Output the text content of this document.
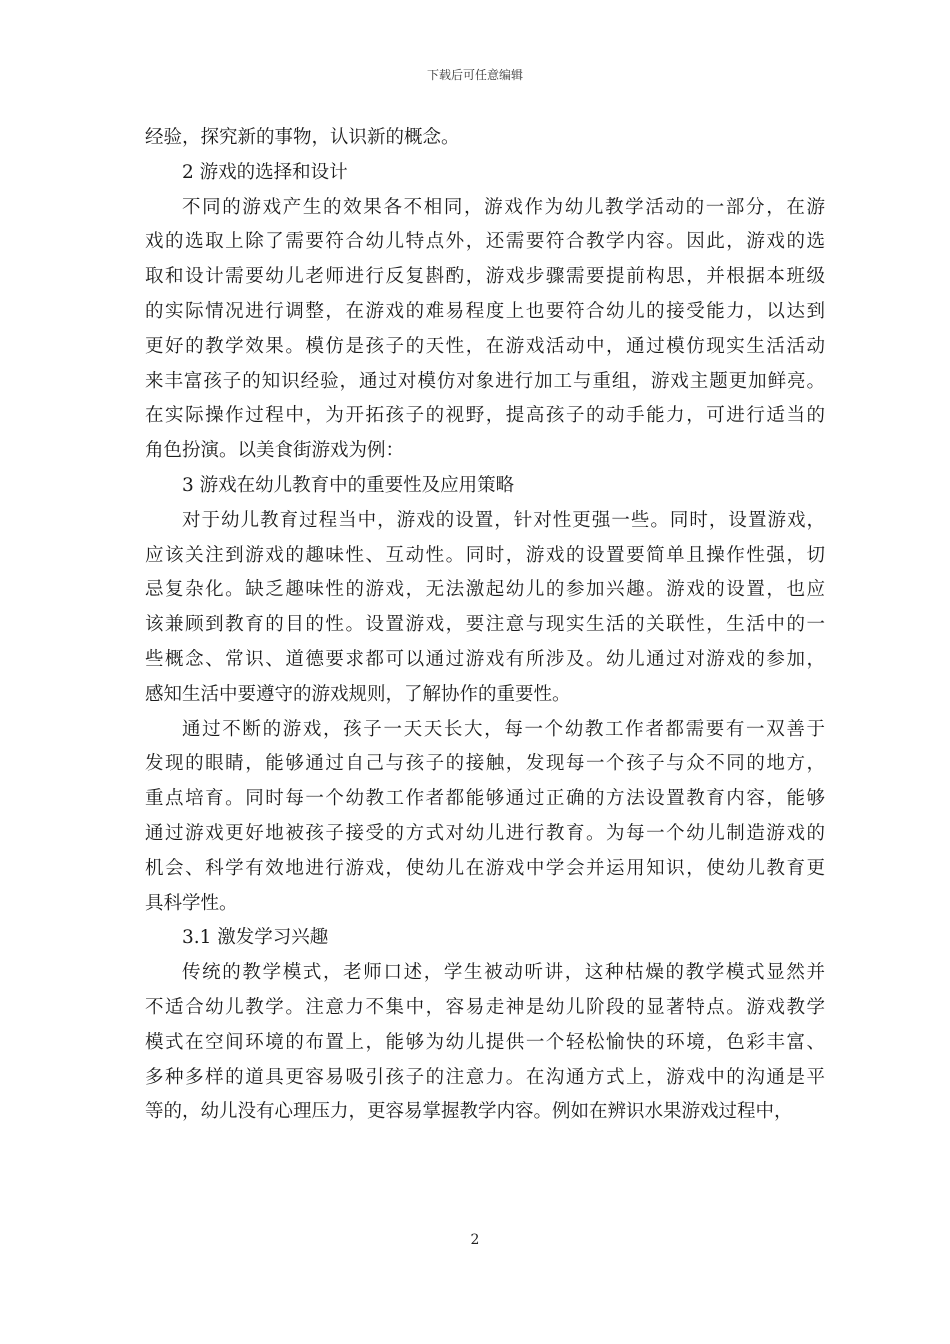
下载后可任意编辑
经验，探究新的事物，认识新的概念。
2 游戏的选择和设计
不同的游戏产生的效果各不相同，游戏作为幼儿教学活动的一部分，在游
戏的选取上除了需要符合幼儿特点外，还需要符合教学内容。因此，游戏的选
取和设计需要幼儿老师进行反复斟酌，游戏步骤需要提前构思，并根据本班级
的实际情况进行调整，在游戏的难易程度上也要符合幼儿的接受能力，以达到
更好的教学效果。模仿是孩子的天性，在游戏活动中，通过模仿现实生活活动
来丰富孩子的知识经验，通过对模仿对象进行加工与重组，游戏主题更加鲜亮。
在实际操作过程中，为开拓孩子的视野，提高孩子的动手能力，可进行适当的
角色扮演。以美食街游戏为例：
3 游戏在幼儿教育中的重要性及应用策略
对于幼儿教育过程当中，游戏的设置，针对性更强一些。同时，设置游戏，
应该关注到游戏的趣味性、互动性。同时，游戏的设置要简单且操作性强，切
忌复杂化。缺乏趣味性的游戏，无法激起幼儿的参加兴趣。游戏的设置，也应
该兼顾到教育的目的性。设置游戏，要注意与现实生活的关联性，生活中的一
些概念、常识、道德要求都可以通过游戏有所涉及。幼儿通过对游戏的参加，
感知生活中要遵守的游戏规则，了解协作的重要性。
通过不断的游戏，孩子一天天长大，每一个幼教工作者都需要有一双善于
发现的眼睛，能够通过自己与孩子的接触，发现每一个孩子与众不同的地方，
重点培育。同时每一个幼教工作者都能够通过正确的方法设置教育内容，能够
通过游戏更好地被孩子接受的方式对幼儿进行教育。为每一个幼儿制造游戏的
机会、科学有效地进行游戏，使幼儿在游戏中学会并运用知识，使幼儿教育更
具科学性。
3.1 激发学习兴趣
传统的教学模式，老师口述，学生被动听讲，这种枯燥的教学模式显然并
不适合幼儿教学。注意力不集中，容易走神是幼儿阶段的显著特点。游戏教学
模式在空间环境的布置上，能够为幼儿提供一个轻松愉快的环境，色彩丰富、
多种多样的道具更容易吸引孩子的注意力。在沟通方式上，游戏中的沟通是平
等的，幼儿没有心理压力，更容易掌握教学内容。例如在辨识水果游戏过程中，
2
